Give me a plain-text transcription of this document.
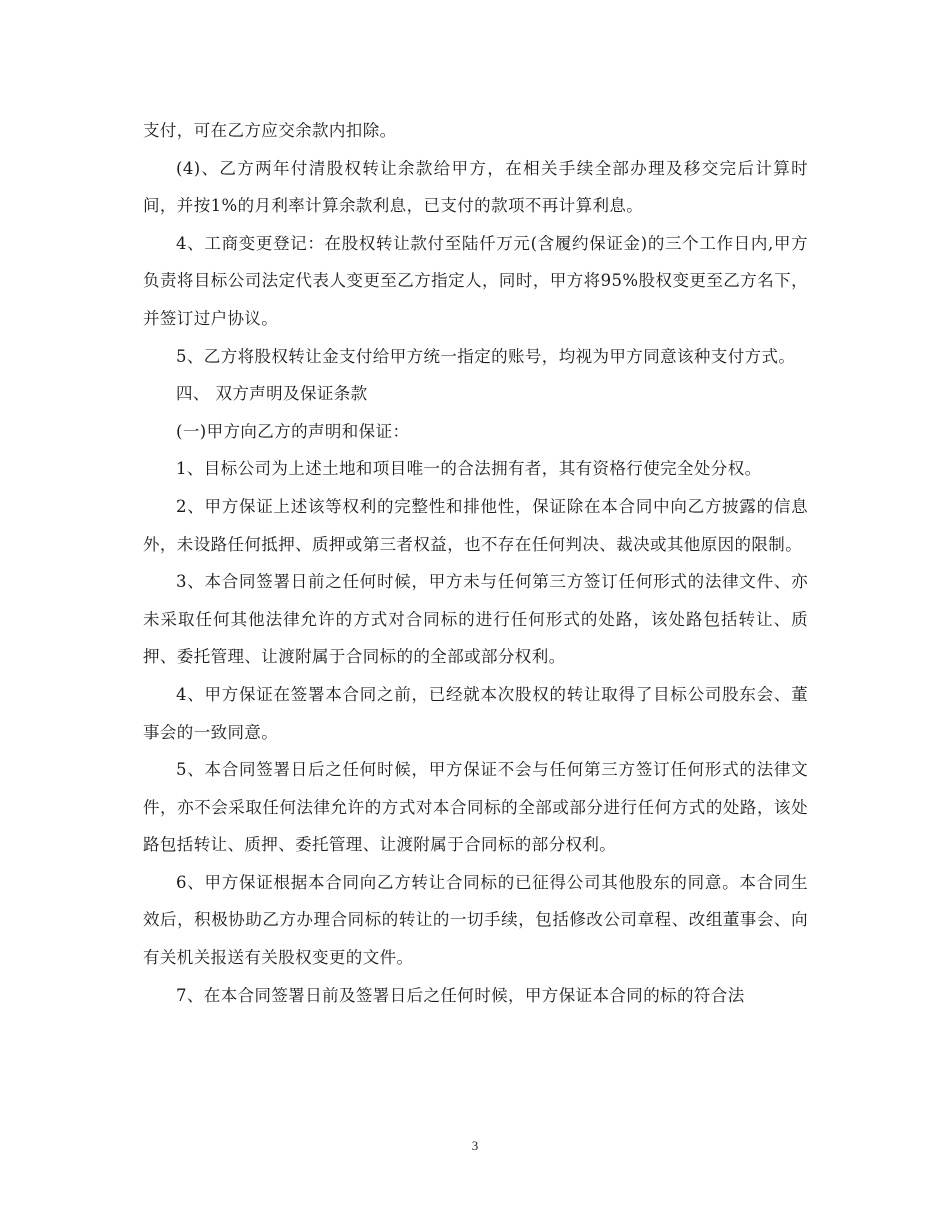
支付，可在乙方应交余款内扣除。

(4)、乙方两年付清股权转让余款给甲方，在相关手续全部办理及移交完后计算时间，并按1%的月利率计算余款利息，已支付的款项不再计算利息。

4、工商变更登记：在股权转让款付至陆仟万元(含履约保证金)的三个工作日内,甲方负责将目标公司法定代表人变更至乙方指定人，同时，甲方将95%股权变更至乙方名下，并签订过户协议。

5、乙方将股权转让金支付给甲方统一指定的账号，均视为甲方同意该种支付方式。

四、 双方声明及保证条款

(一)甲方向乙方的声明和保证：

1、目标公司为上述土地和项目唯一的合法拥有者，其有资格行使完全处分权。

2、甲方保证上述该等权利的完整性和排他性，保证除在本合同中向乙方披露的信息外，未设路任何抵押、质押或第三者权益，也不存在任何判决、裁决或其他原因的限制。

3、本合同签署日前之任何时候，甲方未与任何第三方签订任何形式的法律文件、亦未采取任何其他法律允许的方式对合同标的进行任何形式的处路，该处路包括转让、质押、委托管理、让渡附属于合同标的的全部或部分权利。

4、甲方保证在签署本合同之前，已经就本次股权的转让取得了目标公司股东会、董事会的一致同意。

5、本合同签署日后之任何时候，甲方保证不会与任何第三方签订任何形式的法律文件，亦不会采取任何法律允许的方式对本合同标的全部或部分进行任何方式的处路，该处路包括转让、质押、委托管理、让渡附属于合同标的部分权利。

6、甲方保证根据本合同向乙方转让合同标的已征得公司其他股东的同意。本合同生效后，积极协助乙方办理合同标的转让的一切手续，包括修改公司章程、改组董事会、向有关机关报送有关股权变更的文件。

7、在本合同签署日前及签署日后之任何时候，甲方保证本合同的标的符合法

3
